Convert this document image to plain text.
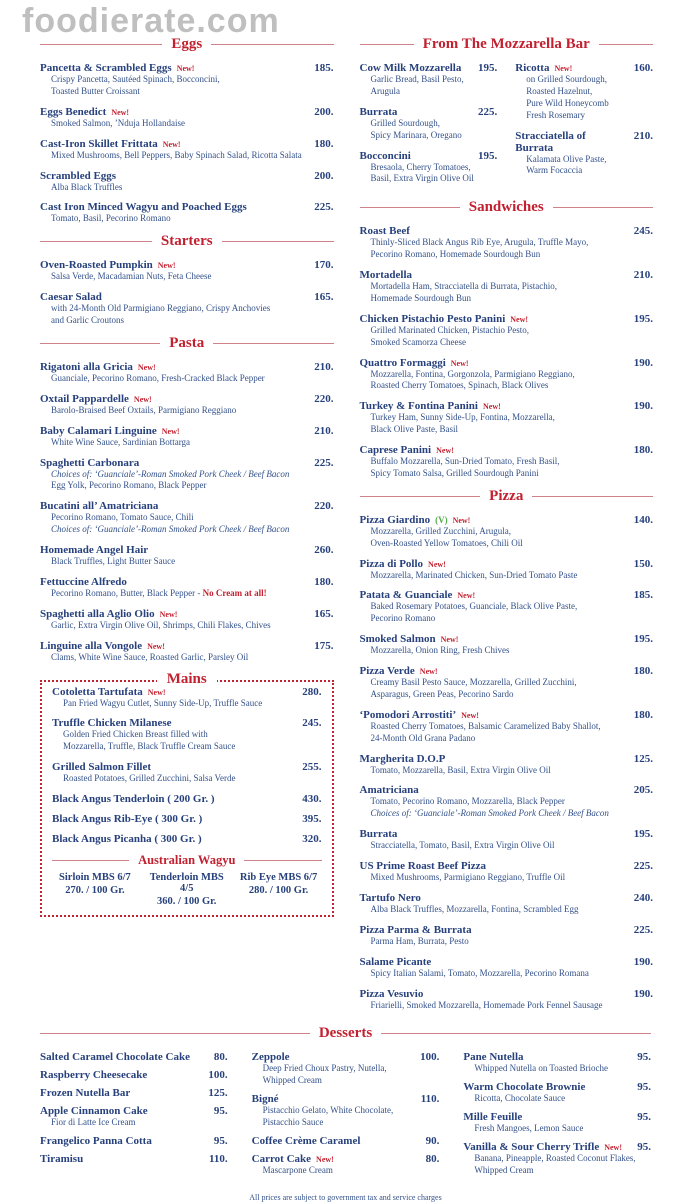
foodierate.com
Eggs
Pancetta & Scrambled Eggs New!	185.
Crispy Pancetta, Sautéed Spinach, Bocconcini,
Toasted Butter Croissant
Eggs Benedict New!	200.
Smoked Salmon, ’Nduja Hollandaise
Cast-Iron Skillet Frittata New!	180.
Mixed Mushrooms, Bell Peppers, Baby Spinach Salad, Ricotta Salata
Scrambled Eggs	200.
Alba Black Truffles
Cast Iron Minced Wagyu and Poached Eggs	225.
Tomato, Basil, Pecorino Romano
Starters
Oven-Roasted Pumpkin New!	170.
Salsa Verde, Macadamian Nuts, Feta Cheese
Caesar Salad	165.
with 24-Month Old Parmigiano Reggiano, Crispy Anchovies
and Garlic Croutons
Pasta
Rigatoni alla Gricia New!	210.
Guanciale, Pecorino Romano, Fresh-Cracked Black Pepper
Oxtail Pappardelle New!	220.
Barolo-Braised Beef Oxtails, Parmigiano Reggiano
Baby Calamari Linguine New!	210.
White Wine Sauce, Sardinian Bottarga
Spaghetti Carbonara	225.
Choices of: ‘Guanciale’-Roman Smoked Pork Cheek / Beef Bacon
Egg Yolk, Pecorino Romano, Black Pepper
Bucatini all’ Amatriciana	220.
Pecorino Romano, Tomato Sauce, Chili
Choices of: ‘Guanciale’-Roman Smoked Pork Cheek / Beef Bacon
Homemade Angel Hair	260.
Black Truffles, Light Butter Sauce
Fettuccine Alfredo	180.
Pecorino Romano, Butter, Black Pepper - No Cream at all!
Spaghetti alla Aglio Olio New!	165.
Garlic, Extra Virgin Olive Oil, Shrimps, Chili Flakes, Chives
Linguine alla Vongole New!	175.
Clams, White Wine Sauce, Roasted Garlic, Parsley Oil
Mains
Cotoletta Tartufata New!	280.
Pan Fried Wagyu Cutlet, Sunny Side-Up, Truffle Sauce
Truffle Chicken Milanese	245.
Golden Fried Chicken Breast filled with
Mozzarella, Truffle, Black Truffle Cream Sauce
Grilled Salmon Fillet	255.
Roasted Potatoes, Grilled Zucchini, Salsa Verde
Black Angus Tenderloin ( 200 Gr. )	430.
Black Angus Rib-Eye ( 300 Gr. )	395.
Black Angus Picanha ( 300 Gr. )	320.
Australian Wagyu
Sirloin MBS 6/7
270. / 100 Gr.
Tenderloin MBS 4/5
360. / 100 Gr.
Rib Eye MBS 6/7
280. / 100 Gr.
From The Mozzarella Bar
Cow Milk Mozzarella 195.
Garlic Bread, Basil Pesto,
Arugula
Burrata	225.
Grilled Sourdough,
Spicy Marinara, Oregano
Bocconcini	195.
Bresaola, Cherry Tomatoes,
Basil, Extra Virgin Olive Oil
Ricotta New!	160.
on Grilled Sourdough,
Roasted Hazelnut,
Pure Wild Honeycomb
Fresh Rosemary
Stracciatella of Burrata
210.
Kalamata Olive Paste,
Warm Focaccia
Sandwiches
Roast Beef	245.
Thinly-Sliced Black Angus Rib Eye, Arugula, Truffle Mayo,
Pecorino Romano, Homemade Sourdough Bun
Mortadella	210.
Mortadella Ham, Stracciatella di Burrata, Pistachio,
Homemade Sourdough Bun
Chicken Pistachio Pesto Panini New!	195.
Grilled Marinated Chicken, Pistachio Pesto,
Smoked Scamorza Cheese
Quattro Formaggi New!	190.
Mozzarella, Fontina, Gorgonzola, Parmigiano Reggiano,
Roasted Cherry Tomatoes, Spinach, Black Olives
Turkey & Fontina Panini New!	190.
Turkey Ham, Sunny Side-Up, Fontina, Mozzarella,
Black Olive Paste, Basil
Caprese Panini New!	180.
Buffalo Mozzarella, Sun-Dried Tomato, Fresh Basil,
Spicy Tomato Salsa, Grilled Sourdough Panini
Pizza
Pizza Giardino (V) New!	140.
Mozzarella, Grilled Zucchini, Arugula,
Oven-Roasted Yellow Tomatoes, Chili Oil
Pizza di Pollo New!	150.
Mozzarella, Marinated Chicken, Sun-Dried Tomato Paste
Patata & Guanciale New!	185.
Baked Rosemary Potatoes, Guanciale, Black Olive Paste,
Pecorino Romano
Smoked Salmon New!	195.
Mozzarella, Onion Ring, Fresh Chives
Pizza Verde New!	180.
Creamy Basil Pesto Sauce, Mozzarella, Grilled Zucchini,
Asparagus, Green Peas, Pecorino Sardo
‘Pomodori Arrostiti’ New!	180.
Roasted Cherry Tomatoes, Balsamic Caramelized Baby Shallot,
24-Month Old Grana Padano
Margherita D.O.P	125.
Tomato, Mozzarella, Basil, Extra Virgin Olive Oil
Amatriciana	205.
Tomato, Pecorino Romano, Mozzarella, Black Pepper
Choices of: ‘Guanciale’-Roman Smoked Pork Cheek / Beef Bacon
Burrata	195.
Stracciatella, Tomato, Basil, Extra Virgin Olive Oil
US Prime Roast Beef Pizza	225.
Mixed Mushrooms, Parmigiano Reggiano, Truffle Oil
Tartufo Nero	240.
Alba Black Truffles, Mozzarella, Fontina, Scrambled Egg
Pizza Parma & Burrata	225.
Parma Ham, Burrata, Pesto
Salame Picante	190.
Spicy Italian Salami, Tomato, Mozzarella, Pecorino Romana
Pizza Vesuvio	190.
Friarielli, Smoked Mozzarella, Homemade Pork Fennel Sausage
Desserts
Salted Caramel Chocolate Cake 80.
Raspberry Cheesecake	100.
Frozen Nutella Bar	125.
Apple Cinnamon Cake	95.
Fior di Latte Ice Cream
Frangelico Panna Cotta	95.
Tiramisu	110.
Zeppole	100.
Deep Fried Choux Pastry, Nutella,
Whipped Cream
Bigné	110.
Pistacchio Gelato, White Chocolate,
Pistacchio Sauce
Coffee Crème Caramel	90.
Carrot Cake New!	80.
Mascarpone Cream
Pane Nutella	95.
Whipped Nutella on Toasted Brioche
Warm Chocolate Brownie	95.
Ricotta, Chocolate Sauce
Mille Feuille	95.
Fresh Mangoes, Lemon Sauce
Vanilla & Sour Cherry Trifle New! 95.
Banana, Pineapple, Roasted Coconut Flakes,
Whipped Cream
All prices are subject to government tax and service charges
